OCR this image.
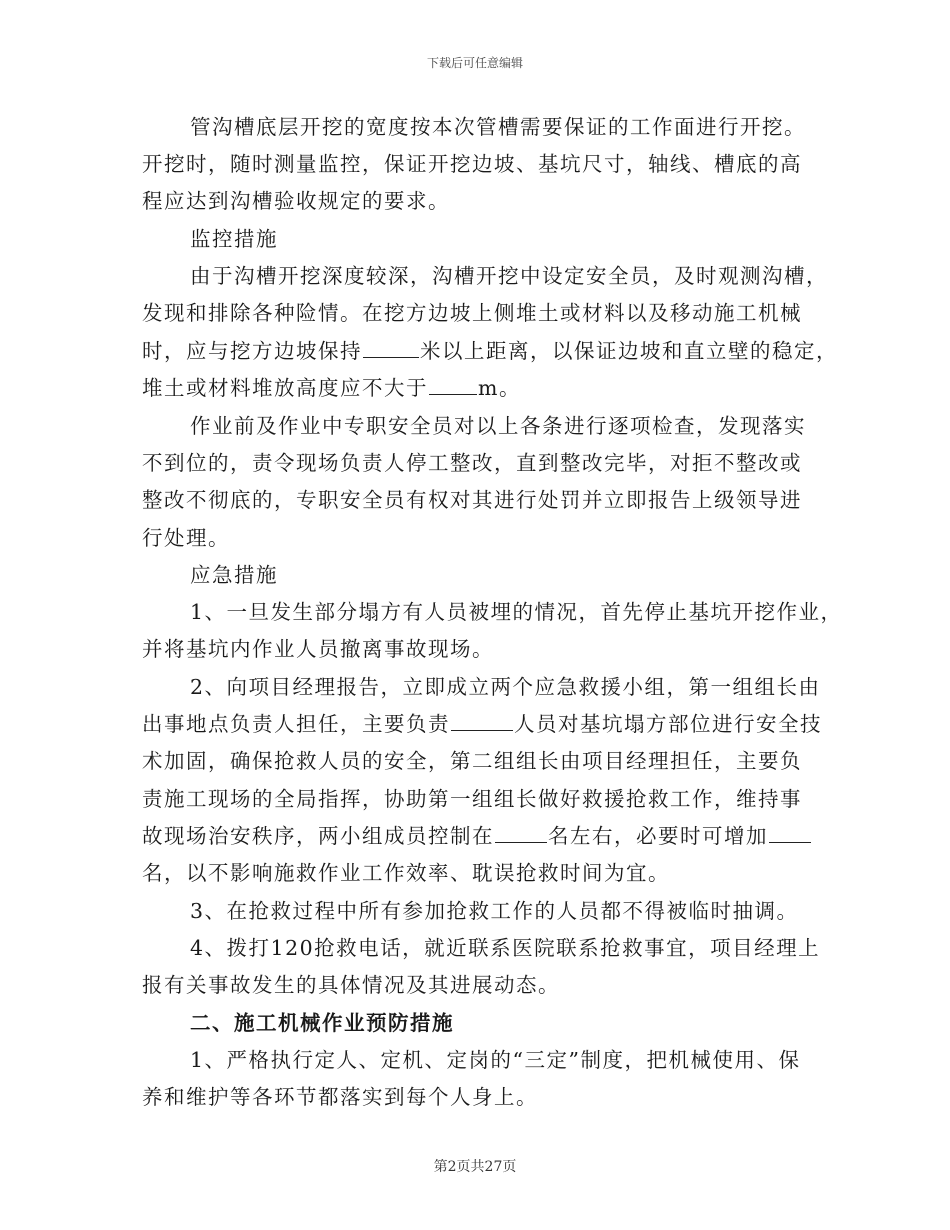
下载后可任意编辑
管沟槽底层开挖的宽度按本次管槽需要保证的工作面进行开挖。
开挖时，随时测量监控，保证开挖边坡、基坑尺寸，轴线、槽底的高
程应达到沟槽验收规定的要求。
监控措施
由于沟槽开挖深度较深，沟槽开挖中设定安全员，及时观测沟槽，
发现和排除各种险情。在挖方边坡上侧堆土或材料以及移动施工机械
时，应与挖方边坡保持	米以上距离，以保证边坡和直立壁的稳定，
堆土或材料堆放高度应不大于 m。
作业前及作业中专职安全员对以上各条进行逐项检查，发现落实
不到位的，责令现场负责人停工整改，直到整改完毕，对拒不整改或
整改不彻底的，专职安全员有权对其进行处罚并立即报告上级领导进
行处理。
应急措施
1、一旦发生部分塌方有人员被埋的情况，首先停止基坑开挖作业，
并将基坑内作业人员撤离事故现场。
2、向项目经理报告，立即成立两个应急救援小组，第一组组长由
出事地点负责人担任，主要负责	人员对基坑塌方部位进行安全技
术加固，确保抢救人员的安全，第二组组长由项目经理担任，主要负
责施工现场的全局指挥，协助第一组组长做好救援抢救工作，维持事
故现场治安秩序，两小组成员控制在	名左右，必要时可增加
名，以不影响施救作业工作效率、耽误抢救时间为宜。
3、在抢救过程中所有参加抢救工作的人员都不得被临时抽调。
4、拨打120抢救电话，就近联系医院联系抢救事宜，项目经理上
报有关事故发生的具体情况及其进展动态。
二、施工机械作业预防措施
1、严格执行定人、定机、定岗的“三定”制度，把机械使用、保
养和维护等各环节都落实到每个人身上。
第2页共27页
